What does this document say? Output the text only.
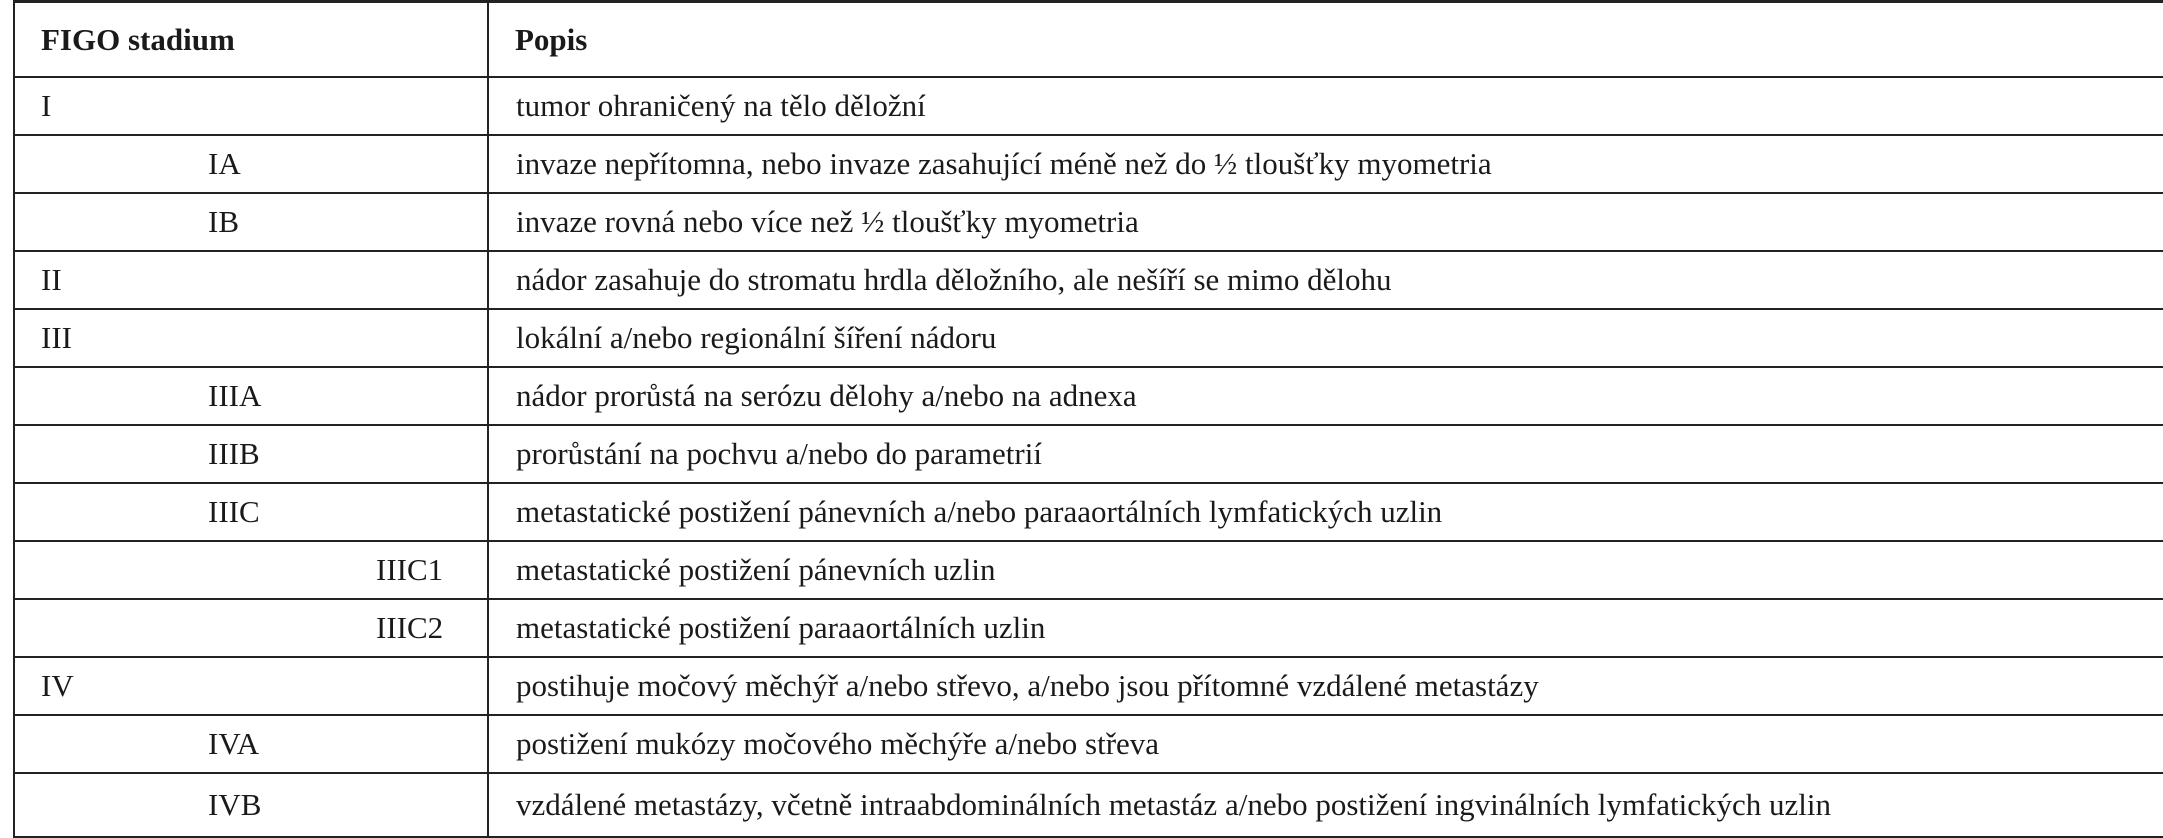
FIGO stadium	Popis
I	tumor ohraničený na tělo děložní
IA	invaze nepřítomna, nebo invaze zasahující méně než do ½ tloušťky myometria
IB	invaze rovná nebo více než ½ tloušťky myometria
II	nádor zasahuje do stromatu hrdla děložního, ale nešíří se mimo dělohu
III	lokální a/nebo regionální šíření nádoru
IIIA	nádor prorůstá na serózu dělohy a/nebo na adnexa
IIIB	prorůstání na pochvu a/nebo do parametrií
IIIC	metastatické postižení pánevních a/nebo paraaortálních lymfatických uzlin
IIIC1	metastatické postižení pánevních uzlin
IIIC2	metastatické postižení paraaortálních uzlin
IV	postihuje močový měchýř a/nebo střevo, a/nebo jsou přítomné vzdálené metastázy
IVA	postižení mukózy močového měchýře a/nebo střeva
IVB	vzdálené metastázy, včetně intraabdominálních metastáz a/nebo postižení ingvinálních lymfatických uzlin
